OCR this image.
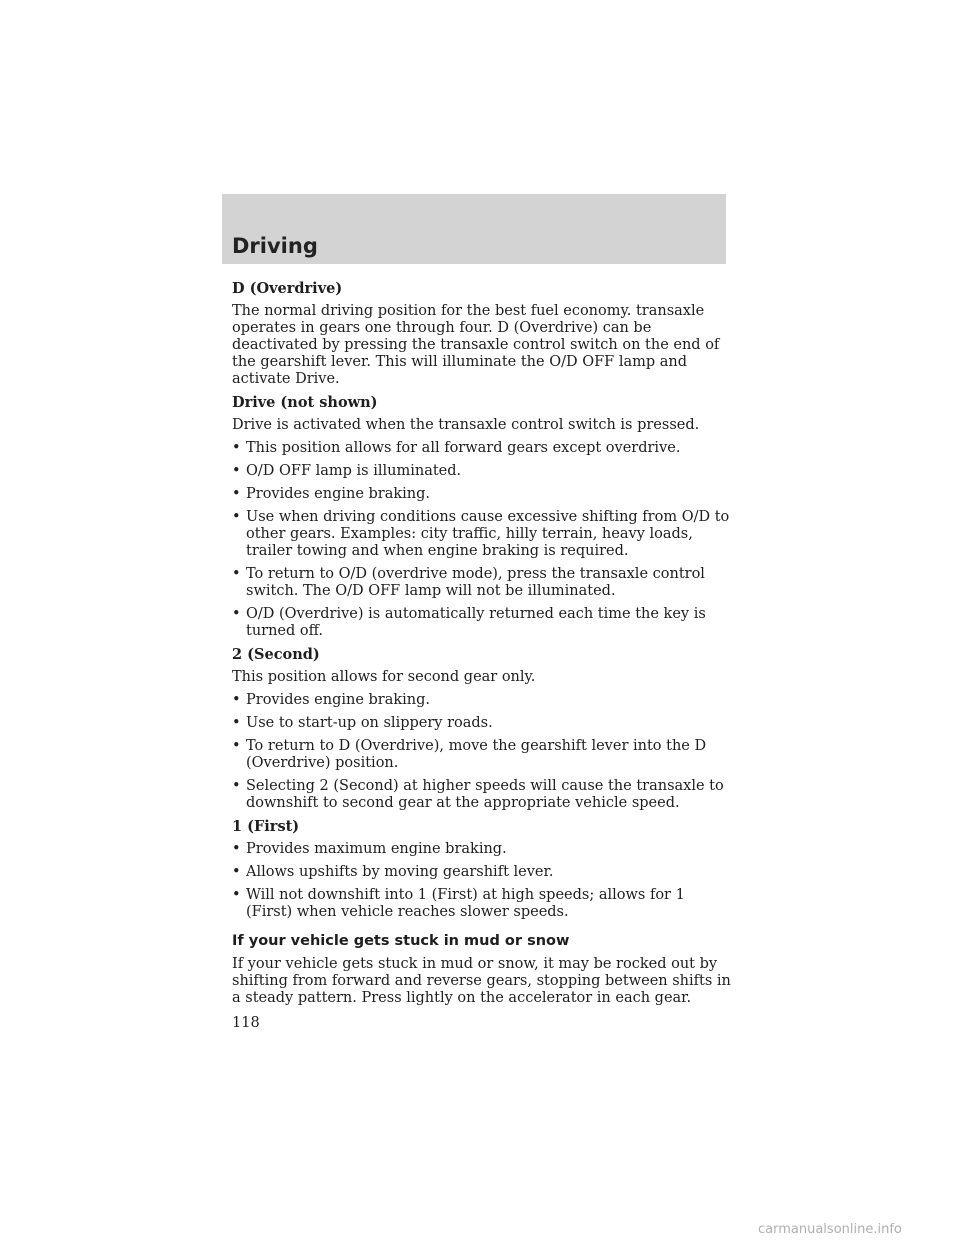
Driving
D (Overdrive)

The normal driving position for the best fuel economy. transaxle operates in gears one through four. D (Overdrive) can be deactivated by pressing the transaxle control switch on the end of the gearshift lever. This will illuminate the O/D OFF lamp and activate Drive.

Drive (not shown)

Drive is activated when the transaxle control switch is pressed.

• This position allows for all forward gears except overdrive.
• O/D OFF lamp is illuminated.
• Provides engine braking.
• Use when driving conditions cause excessive shifting from O/D to other gears. Examples: city traffic, hilly terrain, heavy loads, trailer towing and when engine braking is required.
• To return to O/D (overdrive mode), press the transaxle control switch. The O/D OFF lamp will not be illuminated.
• O/D (Overdrive) is automatically returned each time the key is turned off.
2 (Second)

This position allows for second gear only.

• Provides engine braking.
• Use to start-up on slippery roads.
• To return to D (Overdrive), move the gearshift lever into the D (Overdrive) position.
• Selecting 2 (Second) at higher speeds will cause the transaxle to downshift to second gear at the appropriate vehicle speed.
1 (First)
• Provides maximum engine braking.
• Allows upshifts by moving gearshift lever.
• Will not downshift into 1 (First) at high speeds; allows for 1 (First) when vehicle reaches slower speeds.
If your vehicle gets stuck in mud or snow

If your vehicle gets stuck in mud or snow, it may be rocked out by shifting from forward and reverse gears, stopping between shifts in a steady pattern. Press lightly on the accelerator in each gear.

118
carmanualsonline.info
